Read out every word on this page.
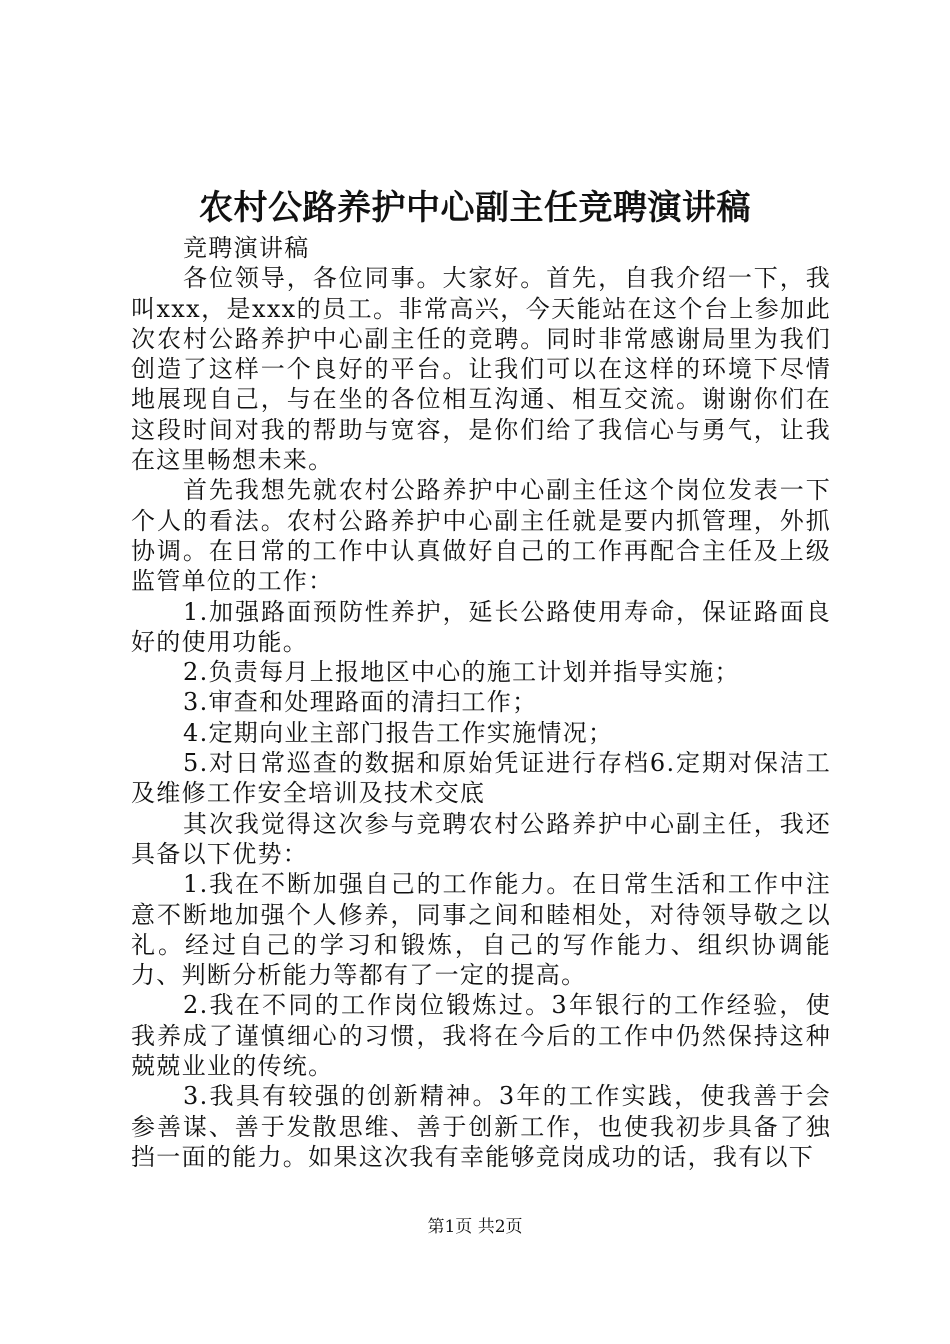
农村公路养护中心副主任竞聘演讲稿

竞聘演讲稿

各位领导，各位同事。大家好。首先，自我介绍一下，我叫xxx，是xxx的员工。非常高兴，今天能站在这个台上参加此次农村公路养护中心副主任的竞聘。同时非常感谢局里为我们创造了这样一个良好的平台。让我们可以在这样的环境下尽情地展现自己，与在坐的各位相互沟通、相互交流。谢谢你们在这段时间对我的帮助与宽容，是你们给了我信心与勇气，让我在这里畅想未来。

首先我想先就农村公路养护中心副主任这个岗位发表一下个人的看法。农村公路养护中心副主任就是要内抓管理，外抓协调。在日常的工作中认真做好自己的工作再配合主任及上级监管单位的工作：

1.加强路面预防性养护，延长公路使用寿命，保证路面良好的使用功能。

2.负责每月上报地区中心的施工计划并指导实施；

3.审查和处理路面的清扫工作；

4.定期向业主部门报告工作实施情况；

5.对日常巡查的数据和原始凭证进行存档6.定期对保洁工及维修工作安全培训及技术交底

其次我觉得这次参与竞聘农村公路养护中心副主任，我还具备以下优势：

1.我在不断加强自己的工作能力。在日常生活和工作中注意不断地加强个人修养，同事之间和睦相处，对待领导敬之以礼。经过自己的学习和锻炼，自己的写作能力、组织协调能力、判断分析能力等都有了一定的提高。

2.我在不同的工作岗位锻炼过。3年银行的工作经验，使我养成了谨慎细心的习惯，我将在今后的工作中仍然保持这种兢兢业业的传统。

3.我具有较强的创新精神。3年的工作实践，使我善于会参善谋、善于发散思维、善于创新工作，也使我初步具备了独挡一面的能力。如果这次我有幸能够竞岗成功的话，我有以下

第1页 共2页
